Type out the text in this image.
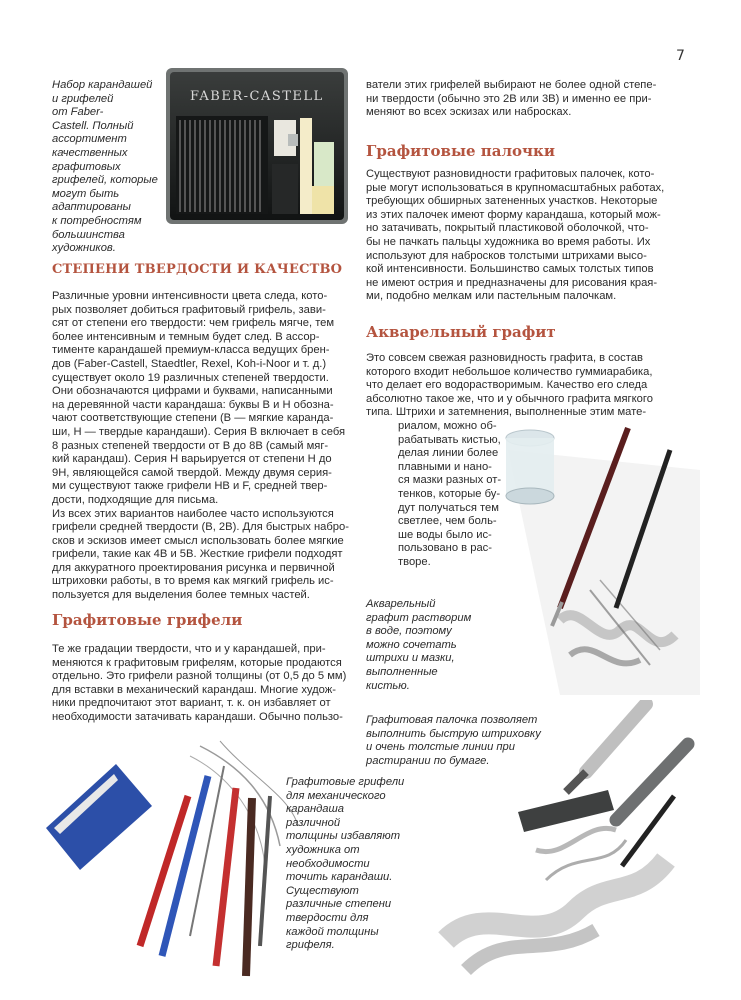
7
FABER-CASTELL
Набор карандашей
и грифелей
от Faber-
Castell. Полный
ассортимент
качественных
графитовых
грифелей, которые
могут быть
адаптированы
к потребностям
большинства
художников.
СТЕПЕНИ ТВЕРДОСТИ И КАЧЕСТВО
Различные уровни интенсивности цвета следа, кото-
рых позволяет добиться графитовый грифель, зави-
сят от степени его твердости: чем грифель мягче, тем
более интенсивным и темным будет след. В ассор-
тименте карандашей премиум-класса ведущих брен-
дов (Faber-Castell, Staedtler, Rexel, Koh-i-Noor и т. д.)
существует около 19 различных степеней твердости.
Они обозначаются цифрами и буквами, написанными
на деревянной части карандаша: буквы B и H обозна-
чают соответствующие степени (B — мягкие каранда-
ши, H — твердые карандаши). Серия B включает в себя
8 разных степеней твердости от B до 8B (самый мяг-
кий карандаш). Серия H варьируется от степени H до
9H, являющейся самой твердой. Между двумя серия-
ми существуют также грифели HB и F, средней твер-
дости, подходящие для письма.
Из всех этих вариантов наиболее часто используются
грифели средней твердости (B, 2B). Для быстрых набро-
сков и эскизов имеет смысл использовать более мягкие
грифели, такие как 4B и 5B. Жесткие грифели подходят
для аккуратного проектирования рисунка и первичной
штриховки работы, в то время как мягкий грифель ис-
пользуется для выделения более темных частей.
Графитовые грифели
Те же градации твердости, что и у карандашей, при-
меняются к графитовым грифелям, которые продаются
отдельно. Это грифели разной толщины (от 0,5 до 5 мм)
для вставки в механический карандаш. Многие худож-
ники предпочитают этот вариант, т. к. он избавляет от
необходимости затачивать карандаши. Обычно пользо-
ватели этих грифелей выбирают не более одной степе-
ни твердости (обычно это 2B или 3B) и именно ее при-
меняют во всех эскизах или набросках.
Графитовые палочки
Существуют разновидности графитовых палочек, кото-
рые могут использоваться в крупномасштабных работах,
требующих обширных затененных участков. Некоторые
из этих палочек имеют форму карандаша, который мож-
но затачивать, покрытый пластиковой оболочкой, что-
бы не пачкать пальцы художника во время работы. Их
используют для набросков толстыми штрихами высо-
кой интенсивности. Большинство самых толстых типов
не имеют острия и предназначены для рисования края-
ми, подобно мелкам или пастельным палочкам.
Акварельный графит
Это совсем свежая разновидность графита, в состав
которого входит небольшое количество гуммиарабика,
что делает его водорастворимым. Качество его следа
абсолютно такое же, что и у обычного графита мягкого
типа. Штрихи и затемнения, выполненные этим мате-
риалом, можно об-
рабатывать кистью,
делая линии более
плавными и нано-
ся мазки разных от-
тенков, которые бу-
дут получаться тем
светлее, чем боль-
ше воды было ис-
пользовано в рас-
творе.
Акварельный
графит растворим
в воде, поэтому
можно сочетать
штрихи и мазки,
выполненные
кистью.
Графитовая палочка позволяет
выполнить быструю штриховку
и очень толстые линии при
растирании по бумаге.
Графитовые грифели
для механического
карандаша
различной
толщины избавляют
художника от
необходимости
точить карандаши.
Существуют
различные степени
твердости для
каждой толщины
грифеля.
